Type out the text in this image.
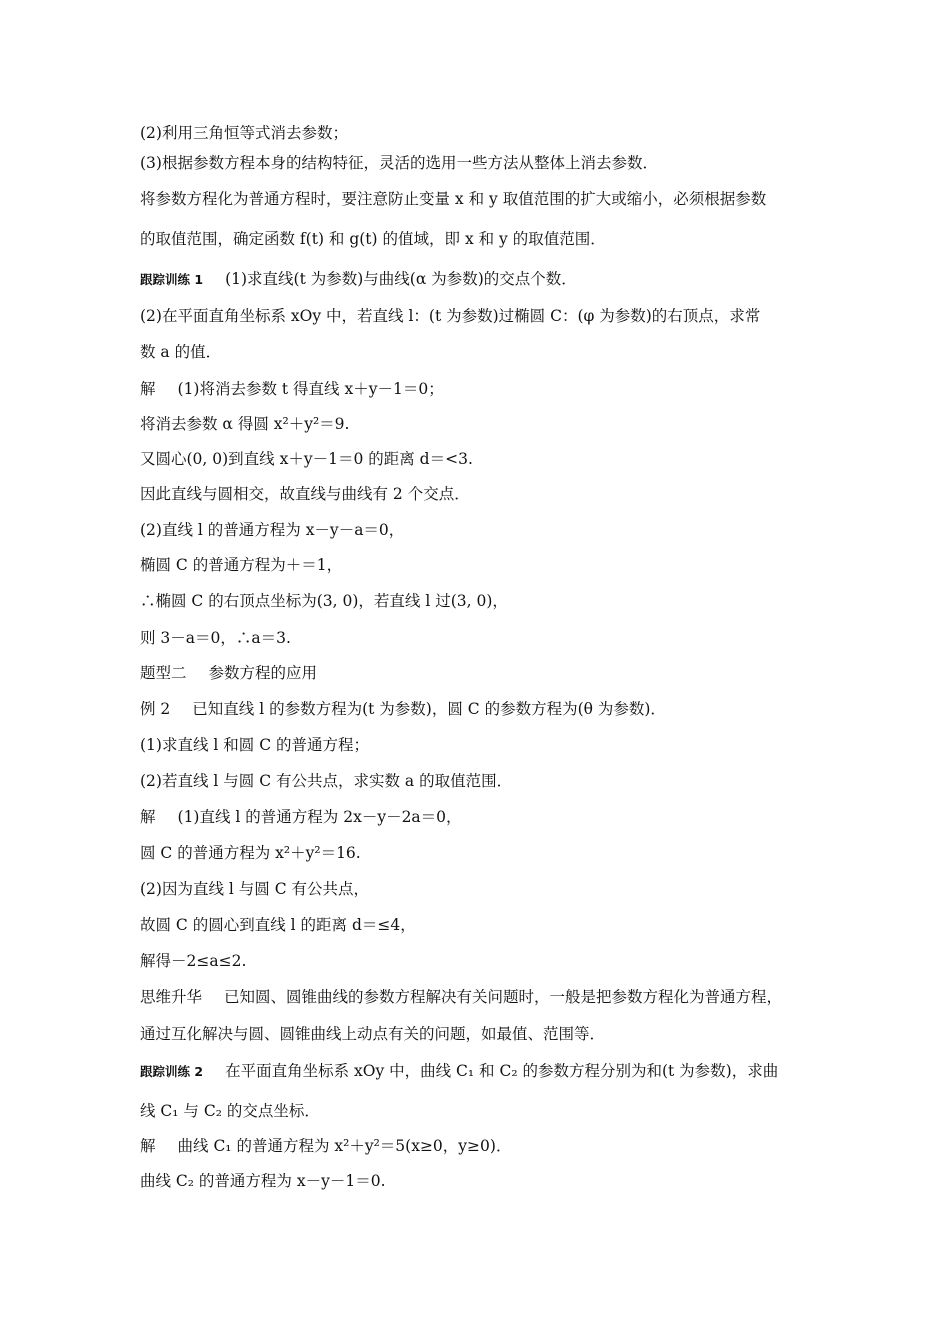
(2)利用三角恒等式消去参数；
(3)根据参数方程本身的结构特征，灵活的选用一些方法从整体上消去参数．
将参数方程化为普通方程时，要注意防止变量 x 和 y 取值范围的扩大或缩小，必须根据参数
的取值范围，确定函数 f(t) 和 g(t) 的值域，即 x 和 y 的取值范围．
跟踪训练 1 (1)求直线(t 为参数)与曲线(α 为参数)的交点个数．
(2)在平面直角坐标系 xOy 中，若直线 l：(t 为参数)过椭圆 C：(φ 为参数)的右顶点，求常
数 a 的值．
解 (1)将消去参数 t 得直线 x＋y－1＝0；
将消去参数 α 得圆 x²＋y²＝9.
又圆心(0, 0)到直线 x＋y－1＝0 的距离 d＝<3.
因此直线与圆相交，故直线与曲线有 2 个交点．
(2)直线 l 的普通方程为 x－y－a＝0，
椭圆 C 的普通方程为＋＝1，
∴椭圆 C 的右顶点坐标为(3, 0)，若直线 l 过(3, 0)，
则 3－a＝0，∴a＝3.
题型二 参数方程的应用
例 2 已知直线 l 的参数方程为(t 为参数)，圆 C 的参数方程为(θ 为参数)．
(1)求直线 l 和圆 C 的普通方程；
(2)若直线 l 与圆 C 有公共点，求实数 a 的取值范围．
解 (1)直线 l 的普通方程为 2x－y－2a＝0，
圆 C 的普通方程为 x²＋y²＝16.
(2)因为直线 l 与圆 C 有公共点，
故圆 C 的圆心到直线 l 的距离 d＝≤4，
解得－2≤a≤2.
思维升华 已知圆、圆锥曲线的参数方程解决有关问题时，一般是把参数方程化为普通方程，
通过互化解决与圆、圆锥曲线上动点有关的问题，如最值、范围等．
跟踪训练 2 在平面直角坐标系 xOy 中，曲线 C₁ 和 C₂ 的参数方程分别为和(t 为参数)，求曲
线 C₁ 与 C₂ 的交点坐标．
解 曲线 C₁ 的普通方程为 x²＋y²＝5(x≥0，y≥0)．
曲线 C₂ 的普通方程为 x－y－1＝0.
